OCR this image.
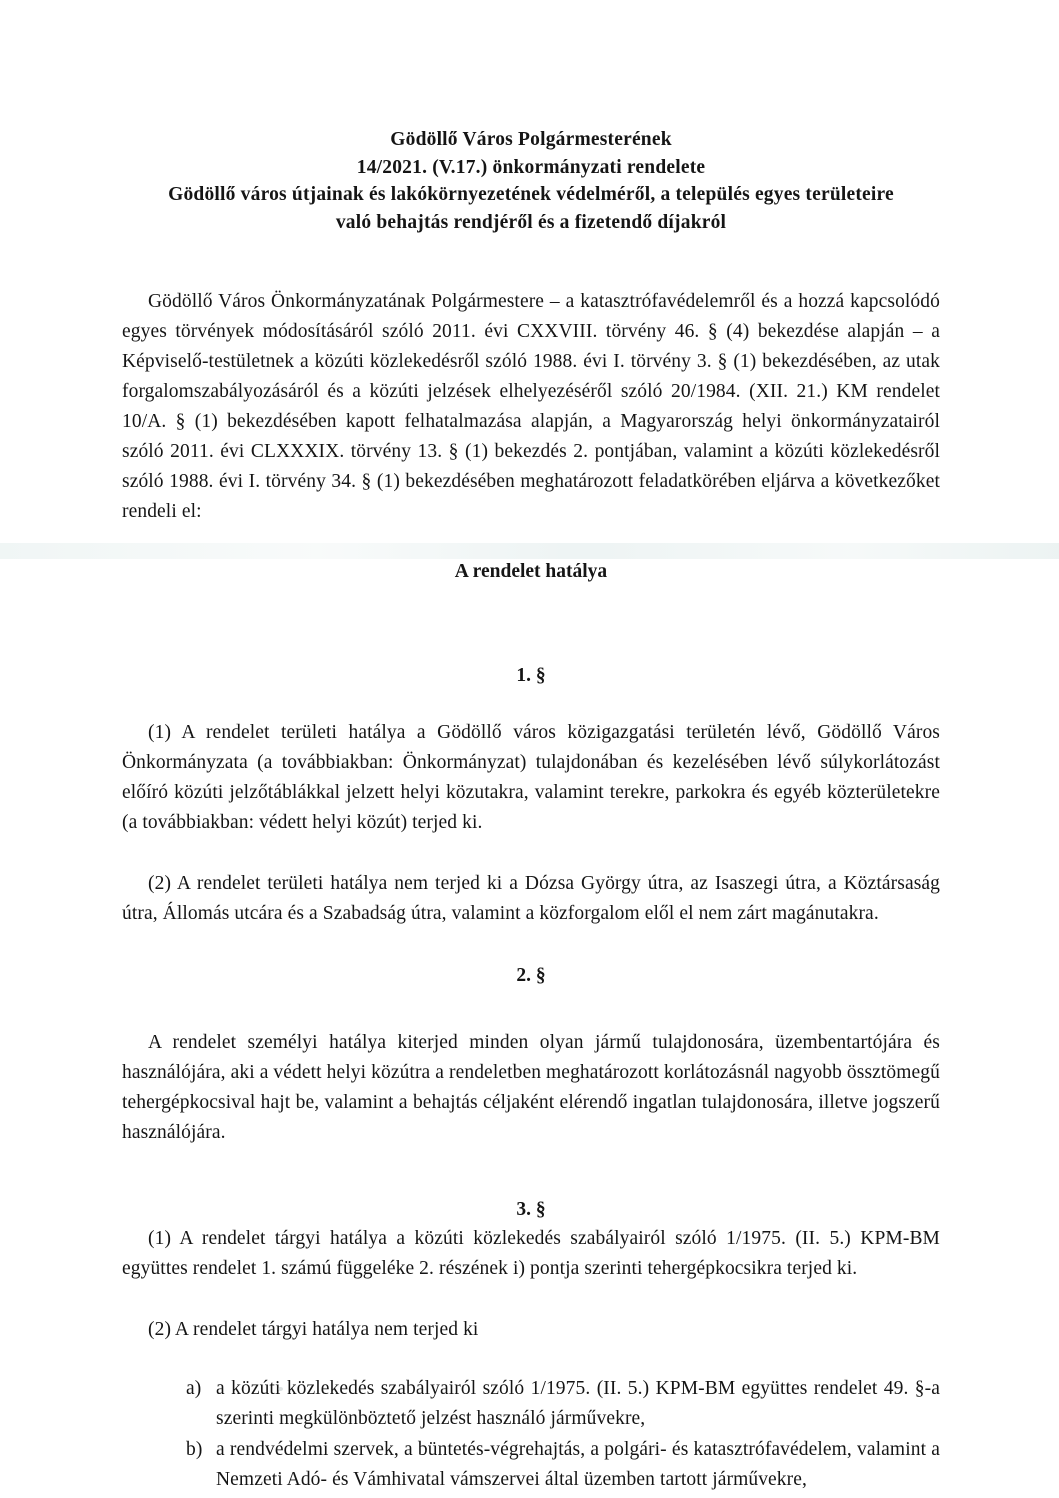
Gödöllő Város Polgármesterének
14/2021. (V.17.) önkormányzati rendelete
Gödöllő város útjainak és lakókörnyezetének védelméről, a település egyes területeire
való behajtás rendjéről és a fizetendő díjakról

Gödöllő Város Önkormányzatának Polgármestere – a katasztrófavédelemről és a hozzá kapcsolódó egyes törvények módosításáról szóló 2011. évi CXXVIII. törvény 46. § (4) bekezdése alapján – a Képviselő-testületnek a közúti közlekedésről szóló 1988. évi I. törvény 3. § (1) bekezdésében, az utak forgalomszabályozásáról és a közúti jelzések elhelyezéséről szóló 20/1984. (XII. 21.) KM rendelet 10/A. § (1) bekezdésében kapott felhatalmazása alapján, a Magyarország helyi önkormányzatairól szóló 2011. évi CLXXXIX. törvény 13. § (1) bekezdés 2. pontjában, valamint a közúti közlekedésről szóló 1988. évi I. törvény 34. § (1) bekezdésében meghatározott feladatkörében eljárva a következőket rendeli el:

A rendelet hatálya
1. §

(1) A rendelet területi hatálya a Gödöllő város közigazgatási területén lévő, Gödöllő Város Önkormányzata (a továbbiakban: Önkormányzat) tulajdonában és kezelésében lévő súlykorlátozást előíró közúti jelzőtáblákkal jelzett helyi közutakra, valamint terekre, parkokra és egyéb közterületekre (a továbbiakban: védett helyi közút) terjed ki.

(2) A rendelet területi hatálya nem terjed ki a Dózsa György útra, az Isaszegi útra, a Köztársaság útra, Állomás utcára és a Szabadság útra, valamint a közforgalom elől el nem zárt magánutakra.

2. §

A rendelet személyi hatálya kiterjed minden olyan jármű tulajdonosára, üzembentartójára és használójára, aki a védett helyi közútra a rendeletben meghatározott korlátozásnál nagyobb össztömegű tehergépkocsival hajt be, valamint a behajtás céljaként elérendő ingatlan tulajdonosára, illetve jogszerű használójára.

3. §

(1) A rendelet tárgyi hatálya a közúti közlekedés szabályairól szóló 1/1975. (II. 5.) KPM-BM együttes rendelet 1. számú függeléke 2. részének i) pontja szerinti tehergépkocsikra terjed ki.

(2) A rendelet tárgyi hatálya nem terjed ki

a) a közúti közlekedés szabályairól szóló 1/1975. (II. 5.) KPM-BM együttes rendelet 49. §-a szerinti megkülönböztető jelzést használó járművekre,
b) a rendvédelmi szervek, a büntetés-végrehajtás, a polgári- és katasztrófavédelem, valamint a Nemzeti Adó- és Vámhivatal vámszervei által üzemben tartott járművekre,
